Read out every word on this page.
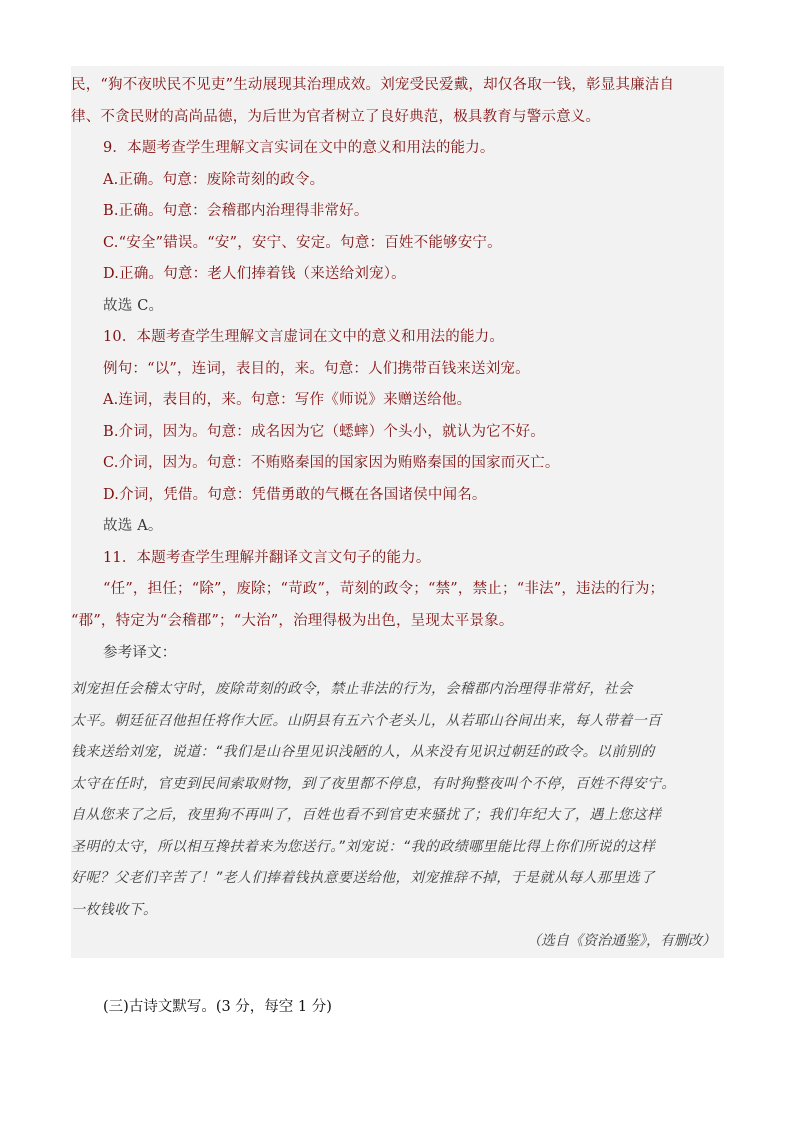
民，“狗不夜吠民不见吏”生动展现其治理成效。刘宠受民爱戴，却仅各取一钱，彰显其廉洁自
律、不贪民财的高尚品德，为后世为官者树立了良好典范，极具教育与警示意义。
9．本题考查学生理解文言实词在文中的意义和用法的能力。
A.正确。句意：废除苛刻的政令。
B.正确。句意：会稽郡内治理得非常好。
C.“安全”错误。“安”，安宁、安定。句意：百姓不能够安宁。
D.正确。句意：老人们捧着钱（来送给刘宠）。
故选 C。
10．本题考查学生理解文言虚词在文中的意义和用法的能力。
例句：“以”，连词，表目的，来。句意：人们携带百钱来送刘宠。
A.连词，表目的，来。句意：写作《师说》来赠送给他。
B.介词，因为。句意：成名因为它（蟋蟀）个头小，就认为它不好。
C.介词，因为。句意：不贿赂秦国的国家因为贿赂秦国的国家而灭亡。
D.介词，凭借。句意：凭借勇敢的气概在各国诸侯中闻名。
故选 A。
11．本题考查学生理解并翻译文言文句子的能力。
“任”，担任；“除”，废除；“苛政”，苛刻的政令；“禁”，禁止；“非法”，违法的行为；
“郡”，特定为“会稽郡”；“大治”，治理得极为出色，呈现太平景象。
参考译文：
刘宠担任会稽太守时，废除苛刻的政令，禁止非法的行为，会稽郡内治理得非常好，社会
太平。朝廷征召他担任将作大匠。山阴县有五六个老头儿，从若耶山谷间出来，每人带着一百
钱来送给刘宠，说道：“我们是山谷里见识浅陋的人，从来没有见识过朝廷的政令。以前别的
太守在任时，官吏到民间索取财物，到了夜里都不停息，有时狗整夜叫个不停，百姓不得安宁。
自从您来了之后，夜里狗不再叫了，百姓也看不到官吏来骚扰了；我们年纪大了，遇上您这样
圣明的太守，所以相互搀扶着来为您送行。”刘宠说：“我的政绩哪里能比得上你们所说的这样
好呢？父老们辛苦了！”老人们捧着钱执意要送给他，刘宠推辞不掉，于是就从每人那里选了
一枚钱收下。
（选自《资治通鉴》，有删改）
(三)古诗文默写。(3 分，每空 1 分)
